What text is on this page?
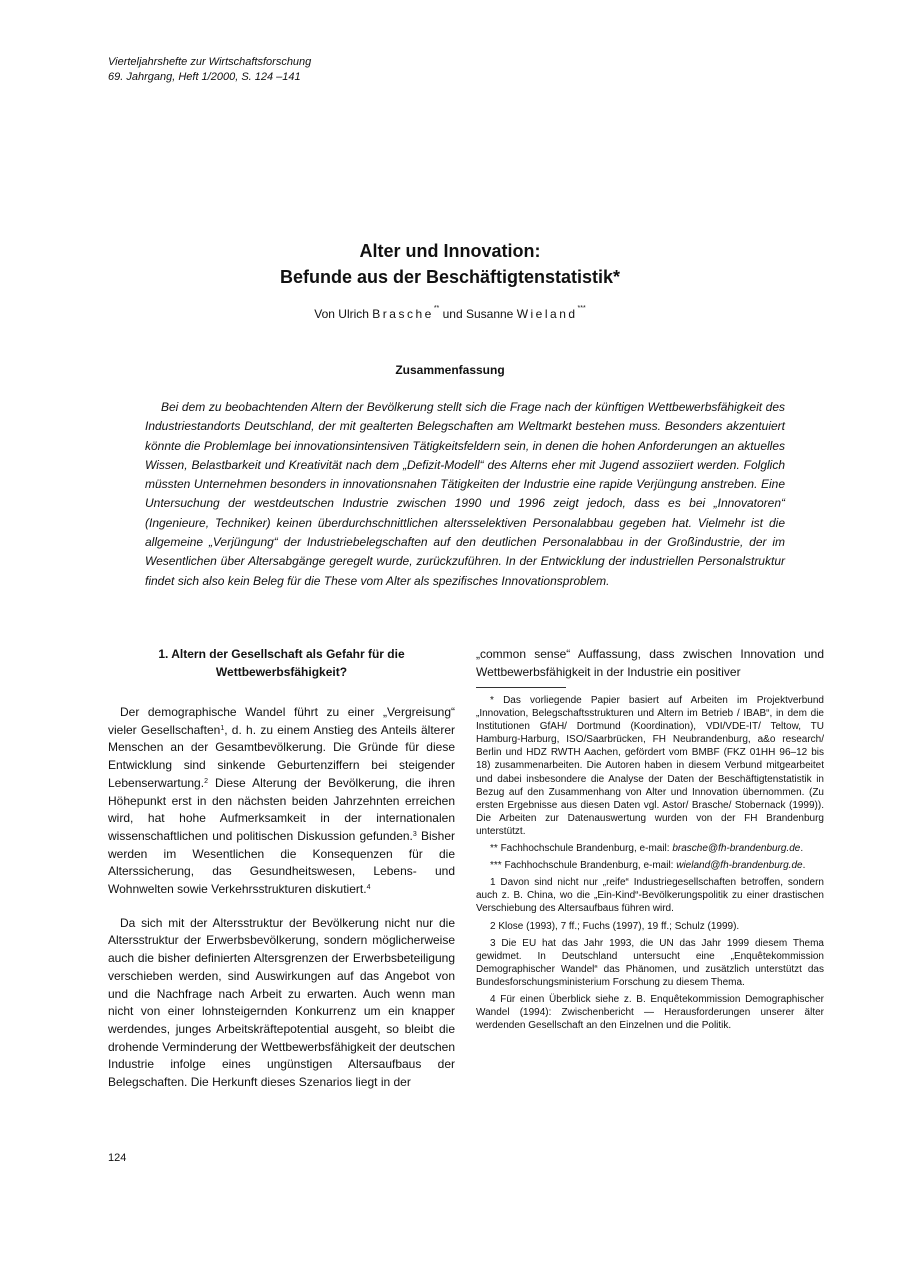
Vierteljahrshefte zur Wirtschaftsforschung
69. Jahrgang, Heft 1/2000, S. 124 –141
Alter und Innovation:
Befunde aus der Beschäftigtenstatistik*
Von Ulrich Brasche** und Susanne Wieland***
Zusammenfassung

Bei dem zu beobachtenden Altern der Bevölkerung stellt sich die Frage nach der künftigen Wettbewerbsfähigkeit des Industriestandorts Deutschland, der mit gealterten Belegschaften am Weltmarkt bestehen muss. Besonders akzentuiert könnte die Problemlage bei innovationsintensiven Tätigkeitsfeldern sein, in denen die hohen Anforderungen an aktuelles Wissen, Belastbarkeit und Kreativität nach dem „Defizit-Modell“ des Alterns eher mit Jugend assoziiert werden. Folglich müssten Unternehmen besonders in innovationsnahen Tätigkeiten der Industrie eine rapide Verjüngung anstreben. Eine Untersuchung der westdeutschen Industrie zwischen 1990 und 1996 zeigt jedoch, dass es bei „Innovatoren“ (Ingenieure, Techniker) keinen überdurchschnittlichen altersselektiven Personalabbau gegeben hat. Vielmehr ist die allgemeine „Verjüngung“ der Industriebelegschaften auf den deutlichen Personalabbau in der Großindustrie, der im Wesentlichen über Altersabgänge geregelt wurde, zurückzuführen. In der Entwicklung der industriellen Personalstruktur findet sich also kein Beleg für die These vom Alter als spezifisches Innovationsproblem.

1. Altern der Gesellschaft als Gefahr für die
Wettbewerbsfähigkeit?

Der demographische Wandel führt zu einer „Vergreisung“ vieler Gesellschaften$^1$, d. h. zu einem Anstieg des Anteils älterer Menschen an der Gesamtbevölkerung. Die Gründe für diese Entwicklung sind sinkende Geburtenziffern bei steigender Lebenserwartung.$^2$ Diese Alterung der Bevölkerung, die ihren Höhepunkt erst in den nächsten beiden Jahrzehnten erreichen wird, hat hohe Aufmerksamkeit in der internationalen wissenschaftlichen und politischen Diskussion gefunden.$^3$ Bisher werden im Wesentlichen die Konsequenzen für die Alterssicherung, das Gesundheitswesen, Lebens- und Wohnwelten sowie Verkehrsstrukturen diskutiert.$^4$

Da sich mit der Altersstruktur der Bevölkerung nicht nur die Altersstruktur der Erwerbsbevölkerung, sondern möglicherweise auch die bisher definierten Altersgrenzen der Erwerbsbeteiligung verschieben werden, sind Auswirkungen auf das Angebot von und die Nachfrage nach Arbeit zu erwarten. Auch wenn man nicht von einer lohnsteigernden Konkurrenz um ein knapper werdendes, junges Arbeitskräftepotential ausgeht, so bleibt die drohende Verminderung der Wettbewerbsfähigkeit der deutschen Industrie infolge eines ungünstigen Altersaufbaus der Belegschaften. Die Herkunft dieses Szenarios liegt in der

„common sense“ Auffassung, dass zwischen Innovation und Wettbewerbsfähigkeit in der Industrie ein positiver

* Das vorliegende Papier basiert auf Arbeiten im Projektverbund „Innovation, Belegschaftsstrukturen und Altern im Betrieb / IBAB“, in dem die Institutionen GfAH/ Dortmund (Koordination), VDI/VDE-IT/ Teltow, TU Hamburg-Harburg, ISO/Saarbrücken, FH Neubrandenburg, a&o research/ Berlin und HDZ RWTH Aachen, gefördert vom BMBF (FKZ 01HH 96–12 bis 18) zusammenarbeiten. Die Autoren haben in diesem Verbund mitgearbeitet und dabei insbesondere die Analyse der Daten der Beschäftigtenstatistik in Bezug auf den Zusammenhang von Alter und Innovation übernommen. (Zu ersten Ergebnisse aus diesen Daten vgl. Astor/ Brasche/ Stobernack (1999)). Die Arbeiten zur Datenauswertung wurden von der FH Brandenburg unterstützt.

** Fachhochschule Brandenburg, e-mail: brasche@fh-brandenburg.de.

*** Fachhochschule Brandenburg, e-mail: wieland@fh-brandenburg.de.

1 Davon sind nicht nur „reife“ Industriegesellschaften betroffen, sondern auch z. B. China, wo die „Ein-Kind“-Bevölkerungspolitik zu einer drastischen Verschiebung des Altersaufbaus führen wird.

2 Klose (1993), 7 ff.; Fuchs (1997), 19 ff.; Schulz (1999).

3 Die EU hat das Jahr 1993, die UN das Jahr 1999 diesem Thema gewidmet. In Deutschland untersucht eine „Enquêtekommission Demographischer Wandel“ das Phänomen, und zusätzlich unterstützt das Bundesforschungsministerium Forschung zu diesem Thema.

4 Für einen Überblick siehe z. B. Enquêtekommission Demographischer Wandel (1994): Zwischenbericht — Herausforderungen unserer älter werdenden Gesellschaft an den Einzelnen und die Politik.

124
